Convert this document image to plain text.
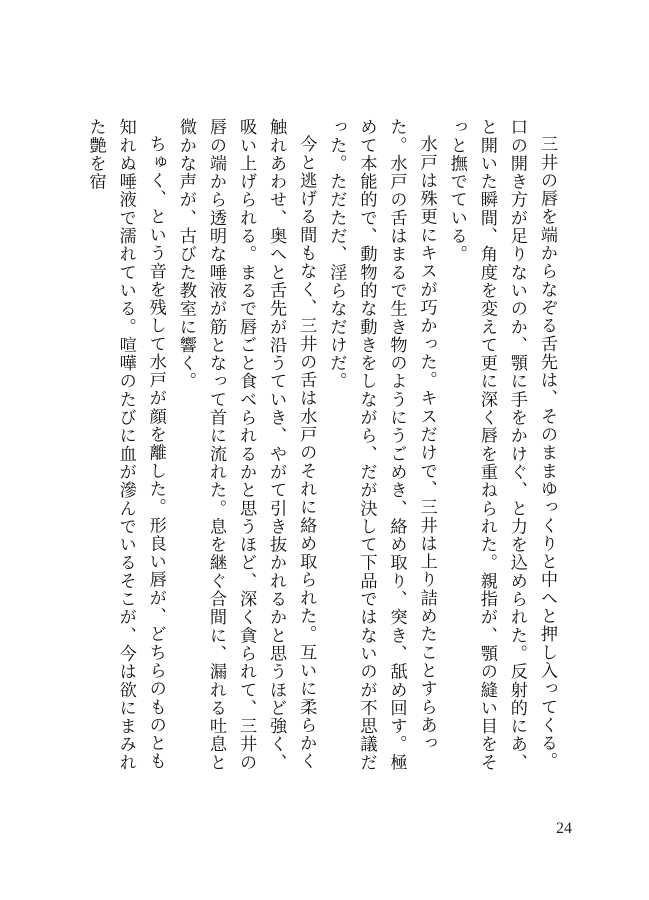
三井の唇を端からなぞる舌先は、そのままゆっくりと中へと押し入ってくる。口の開き方が足りないのか、顎に手をかけぐ、と力を込められた。反射的にあ、と開いた瞬間、角度を変えて更に深く唇を重ねられた。親指が、顎の縫い目をそっと撫でている。

水戸は殊更にキスが巧かった。キスだけで、三井は上り詰めたことすらあった。水戸の舌はまるで生き物のようにうごめき、絡め取り、突き、舐め回す。極めて本能的で、動物的な動きをしながら、だが決して下品ではないのが不思議だった。ただただ、淫らなだけだ。

今と逃げる間もなく、三井の舌は水戸のそれに絡め取られた。互いに柔らかく触れあわせ、奥へと舌先が沿うていき、やがて引き抜かれるかと思うほど強く、吸い上げられる。まるで唇ごと食べられるかと思うほど、深く貪られて、三井の唇の端から透明な唾液が筋となって首に流れた。息を継ぐ合間に、漏れる吐息と微かな声が、古びた教室に響く。

ちゅく、という音を残して水戸が顔を離した。形良い唇が、どちらのものとも知れぬ唾液で濡れている。喧嘩のたびに血が滲んでいるそこが、今は欲にまみれた艶を宿

24
